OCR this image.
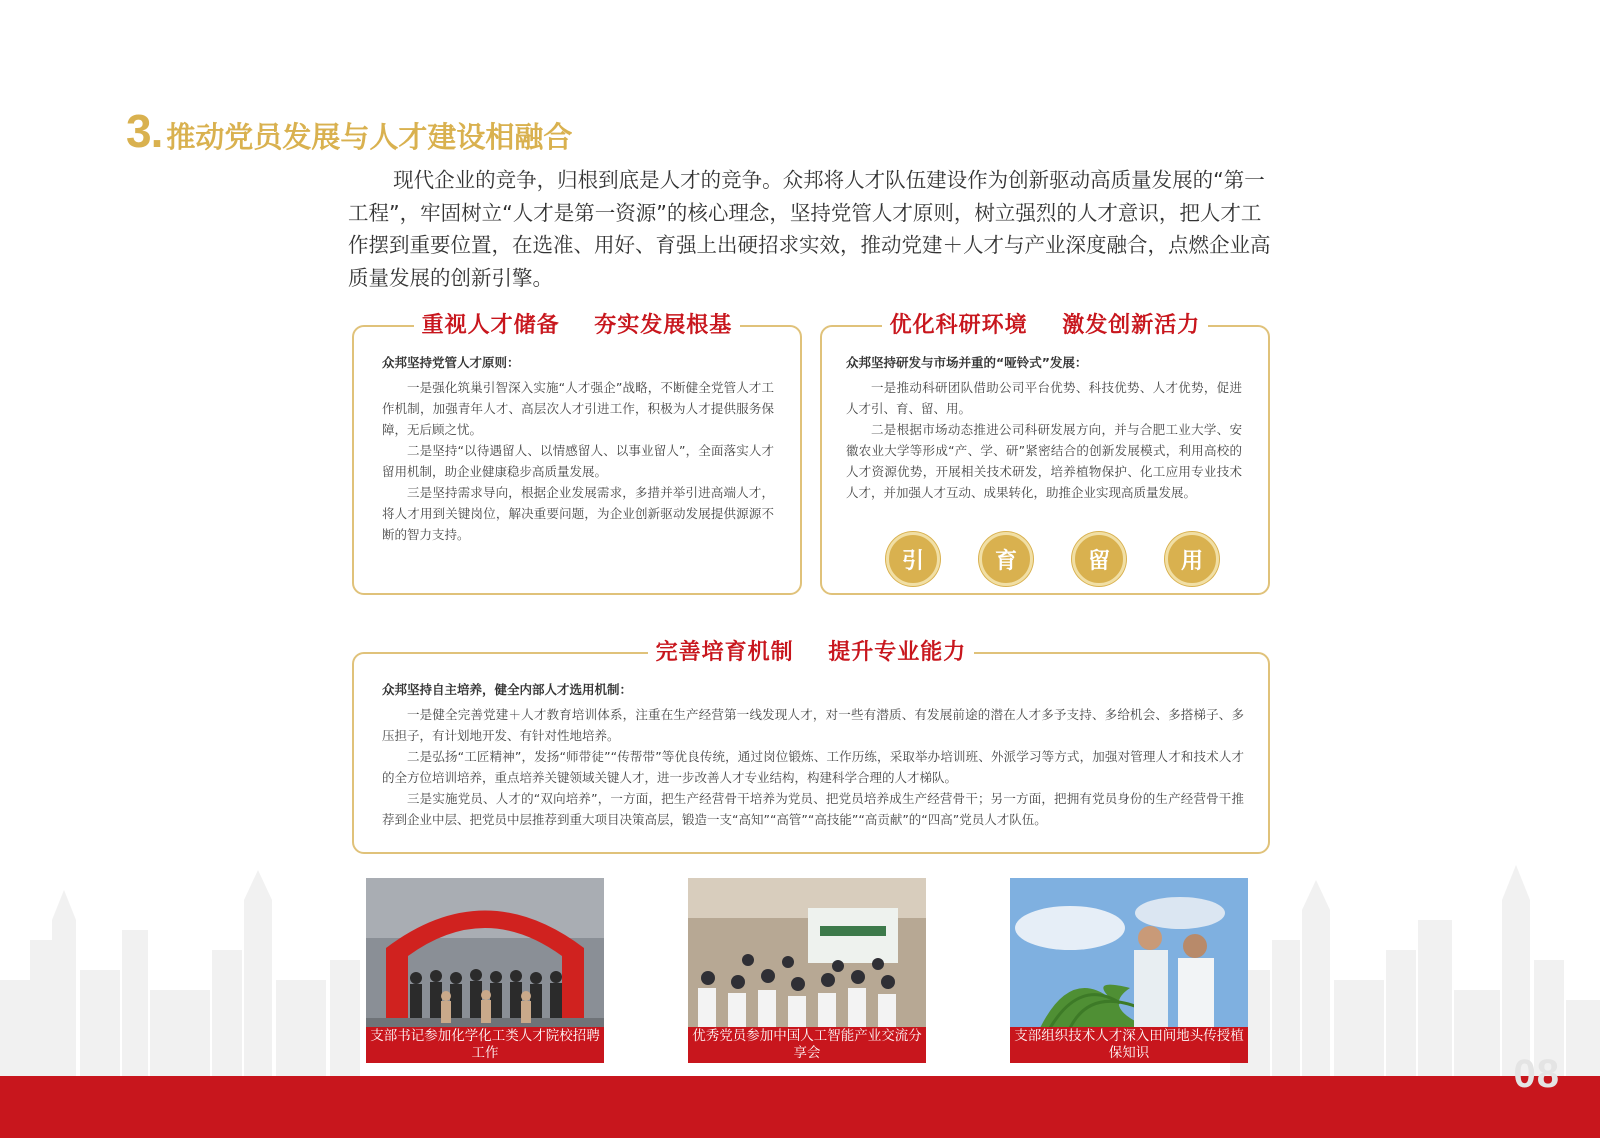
3. 推动党员发展与人才建设相融合

现代企业的竞争，归根到底是人才的竞争。众邦将人才队伍建设作为创新驱动高质量发展的“第一工程”，牢固树立“人才是第一资源”的核心理念，坚持党管人才原则，树立强烈的人才意识，把人才工作摆到重要位置，在选准、用好、育强上出硬招求实效，推动党建＋人才与产业深度融合，点燃企业高质量发展的创新引擎。

重视人才储备    夯实发展根基

众邦坚持党管人才原则：

一是强化筑巢引智深入实施“人才强企”战略，不断健全党管人才工作机制，加强青年人才、高层次人才引进工作，积极为人才提供服务保障，无后顾之忧。

二是坚持“以待遇留人、以情感留人、以事业留人”，全面落实人才留用机制，助企业健康稳步高质量发展。

三是坚持需求导向，根据企业发展需求，多措并举引进高端人才，将人才用到关键岗位，解决重要问题，为企业创新驱动发展提供源源不断的智力支持。

优化科研环境    激发创新活力

众邦坚持研发与市场并重的“哑铃式”发展：

一是推动科研团队借助公司平台优势、科技优势、人才优势，促进人才引、育、留、用。

二是根据市场动态推进公司科研发展方向，并与合肥工业大学、安徽农业大学等形成“产、学、研”紧密结合的创新发展模式，利用高校的人才资源优势，开展相关技术研发，培养植物保护、化工应用专业技术人才，并加强人才互动、成果转化，助推企业实现高质量发展。

引	育	留	用
完善培育机制    提升专业能力

众邦坚持自主培养，健全内部人才选用机制：

一是健全完善党建＋人才教育培训体系，注重在生产经营第一线发现人才，对一些有潜质、有发展前途的潜在人才多予支持、多给机会、多搭梯子、多压担子，有计划地开发、有针对性地培养。

二是弘扬“工匠精神”，发扬“师带徒”“传帮带”等优良传统，通过岗位锻炼、工作历练，采取举办培训班、外派学习等方式，加强对管理人才和技术人才的全方位培训培养，重点培养关键领域关键人才，进一步改善人才专业结构，构建科学合理的人才梯队。

三是实施党员、人才的“双向培养”，一方面，把生产经营骨干培养为党员、把党员培养成生产经营骨干；另一方面，把拥有党员身份的生产经营骨干推荐到企业中层、把党员中层推荐到重大项目决策高层，锻造一支“高知”“高管”“高技能”“高贡献”的“四高”党员人才队伍。

支部书记参加化学化工类人才院校招聘工作
优秀党员参加中国人工智能产业交流分享会
支部组织技术人才深入田间地头传授植保知识	08
